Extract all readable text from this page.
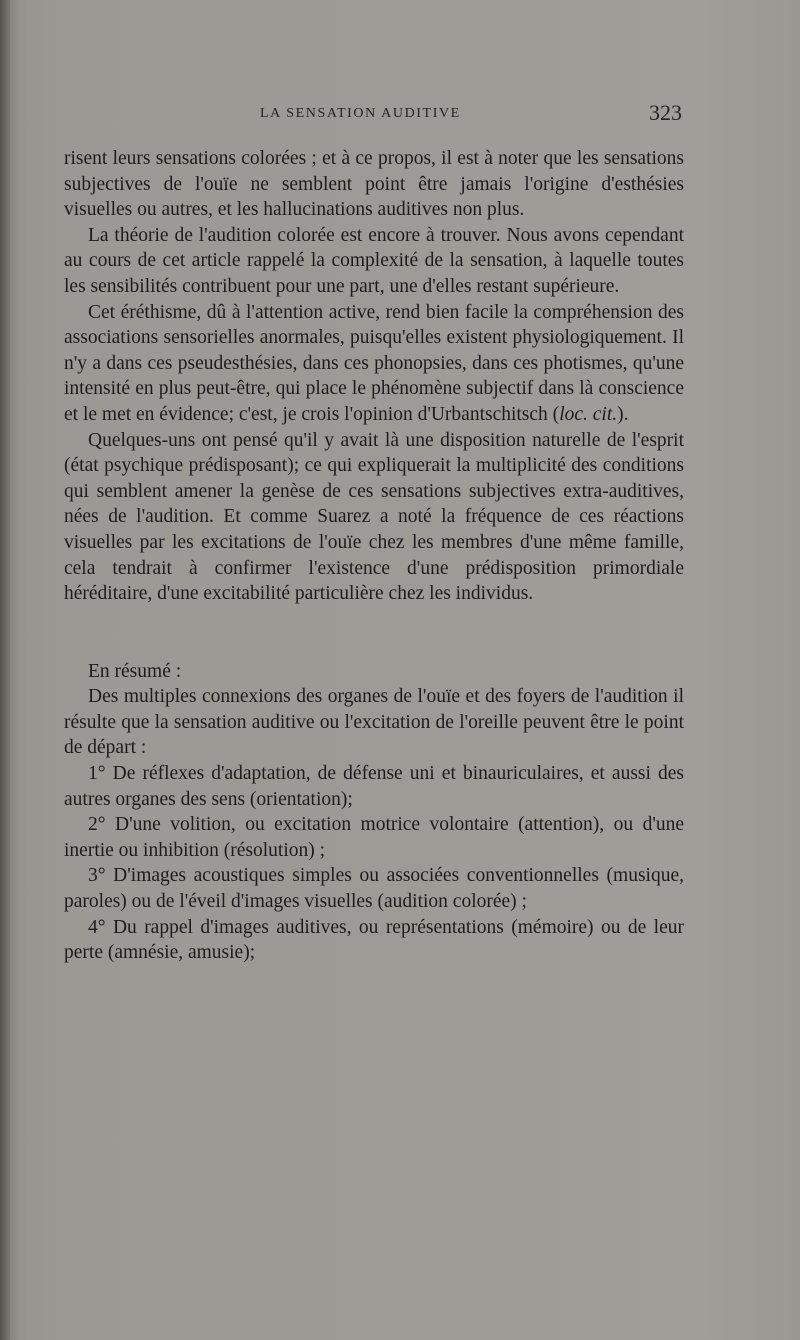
LA SENSATION AUDITIVE	323

risent leurs sensations colorées ; et à ce propos, il est à noter que les sensations subjectives de l'ouïe ne semblent point être jamais l'origine d'esthésies visuelles ou autres, et les hallucinations auditives non plus.

La théorie de l'audition colorée est encore à trouver. Nous avons cependant au cours de cet article rappelé la complexité de la sensation, à laquelle toutes les sensibilités contribuent pour une part, une d'elles restant supérieure.

Cet éréthisme, dû à l'attention active, rend bien facile la compréhension des associations sensorielles anormales, puisqu'elles existent physiologiquement. Il n'y a dans ces pseudesthésies, dans ces phonopsies, dans ces photismes, qu'une intensité en plus peut-être, qui place le phénomène subjectif dans là conscience et le met en évidence; c'est, je crois l'opinion d'Urbantschitsch (loc. cit.).

Quelques-uns ont pensé qu'il y avait là une disposition naturelle de l'esprit (état psychique prédisposant); ce qui expliquerait la multiplicité des conditions qui semblent amener la genèse de ces sensations subjectives extra-auditives, nées de l'audition. Et comme Suarez a noté la fréquence de ces réactions visuelles par les excitations de l'ouïe chez les membres d'une même famille, cela tendrait à confirmer l'existence d'une prédisposition primordiale héréditaire, d'une excitabilité particulière chez les individus.

En résumé :

Des multiples connexions des organes de l'ouïe et des foyers de l'audition il résulte que la sensation auditive ou l'excitation de l'oreille peuvent être le point de départ :

1° De réflexes d'adaptation, de défense uni et binauriculaires, et aussi des autres organes des sens (orientation);

2° D'une volition, ou excitation motrice volontaire (attention), ou d'une inertie ou inhibition (résolution) ;

3° D'images acoustiques simples ou associées conventionnelles (musique, paroles) ou de l'éveil d'images visuelles (audition colorée) ;

4° Du rappel d'images auditives, ou représentations (mémoire) ou de leur perte (amnésie, amusie);
